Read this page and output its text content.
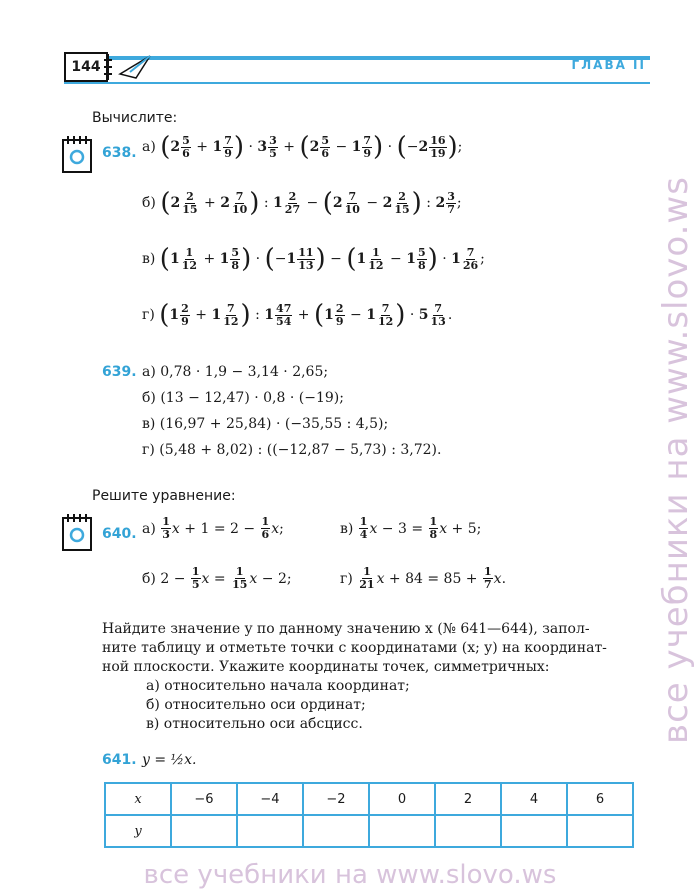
144	ГЛАВА II
Вычислите:
638. а)
( $2 \frac{5}{6} + 1 \frac{7}{9}$ ) · $3 \frac{3}{5}$ + ( $2 \frac{5}{6} - 1 \frac{7}{9}$ ) · ( − $2 \frac{16}{19}$ ) ;
б)
( $2 \frac{2}{15} + 2 \frac{7}{10}$ ) : $1 \frac{2}{27}$ − ( $2 \frac{7}{10} - 2 \frac{2}{15}$ ) : $2 \frac{3}{7}$ ;
в)
( $1 \frac{1}{12} + 1 \frac{5}{8}$ ) · ( − $1 \frac{11}{13}$ ) − ( $1 \frac{1}{12} - 1 \frac{5}{8}$ ) · $1 \frac{7}{26}$ ;
г)
( $1 \frac{2}{9} + 1 \frac{7}{12}$ ) : $1 \frac{47}{54}$ + ( $1 \frac{2}{9} - 1 \frac{7}{12}$ ) · $5 \frac{7}{13}$ .
639. а) 0,78 · 1,9 − 3,14 · 2,65;
б) (13 − 12,47) · 0,8 · (−19);
в) (16,97 + 25,84) · (−35,55 : 4,5);
г) (5,48 + 8,02) : ((−12,87 − 5,73) : 3,72).
Решите уравнение:
640. а)
$\frac{1}{3}$ $x + 1 = 2 - \frac{1}{6}$ x ;	в)
$\frac{1}{4}$ $x - 3 = \frac{1}{8}$ x + 5;
б)
$2 - \frac{1}{5}$ $x = \frac{1}{15}$ x − 2;	г)
$\frac{1}{21}$ $x + 84 = 85 + \frac{1}{7}$ x .
Найдите значение y по данному значению x (№ 641—644), запол-
ните таблицу и отметьте точки с координатами (x; y) на координат-
ной плоскости. Укажите координаты точек, симметричных:
а) относительно начала координат;
б) относительно оси ординат;
в) относительно оси абсцисс.
641. y = ½x.
x	−6	−4	−2	0	2	4	6
y							
все учебники на www.slovo.ws
все учебники на www.slovo.ws
